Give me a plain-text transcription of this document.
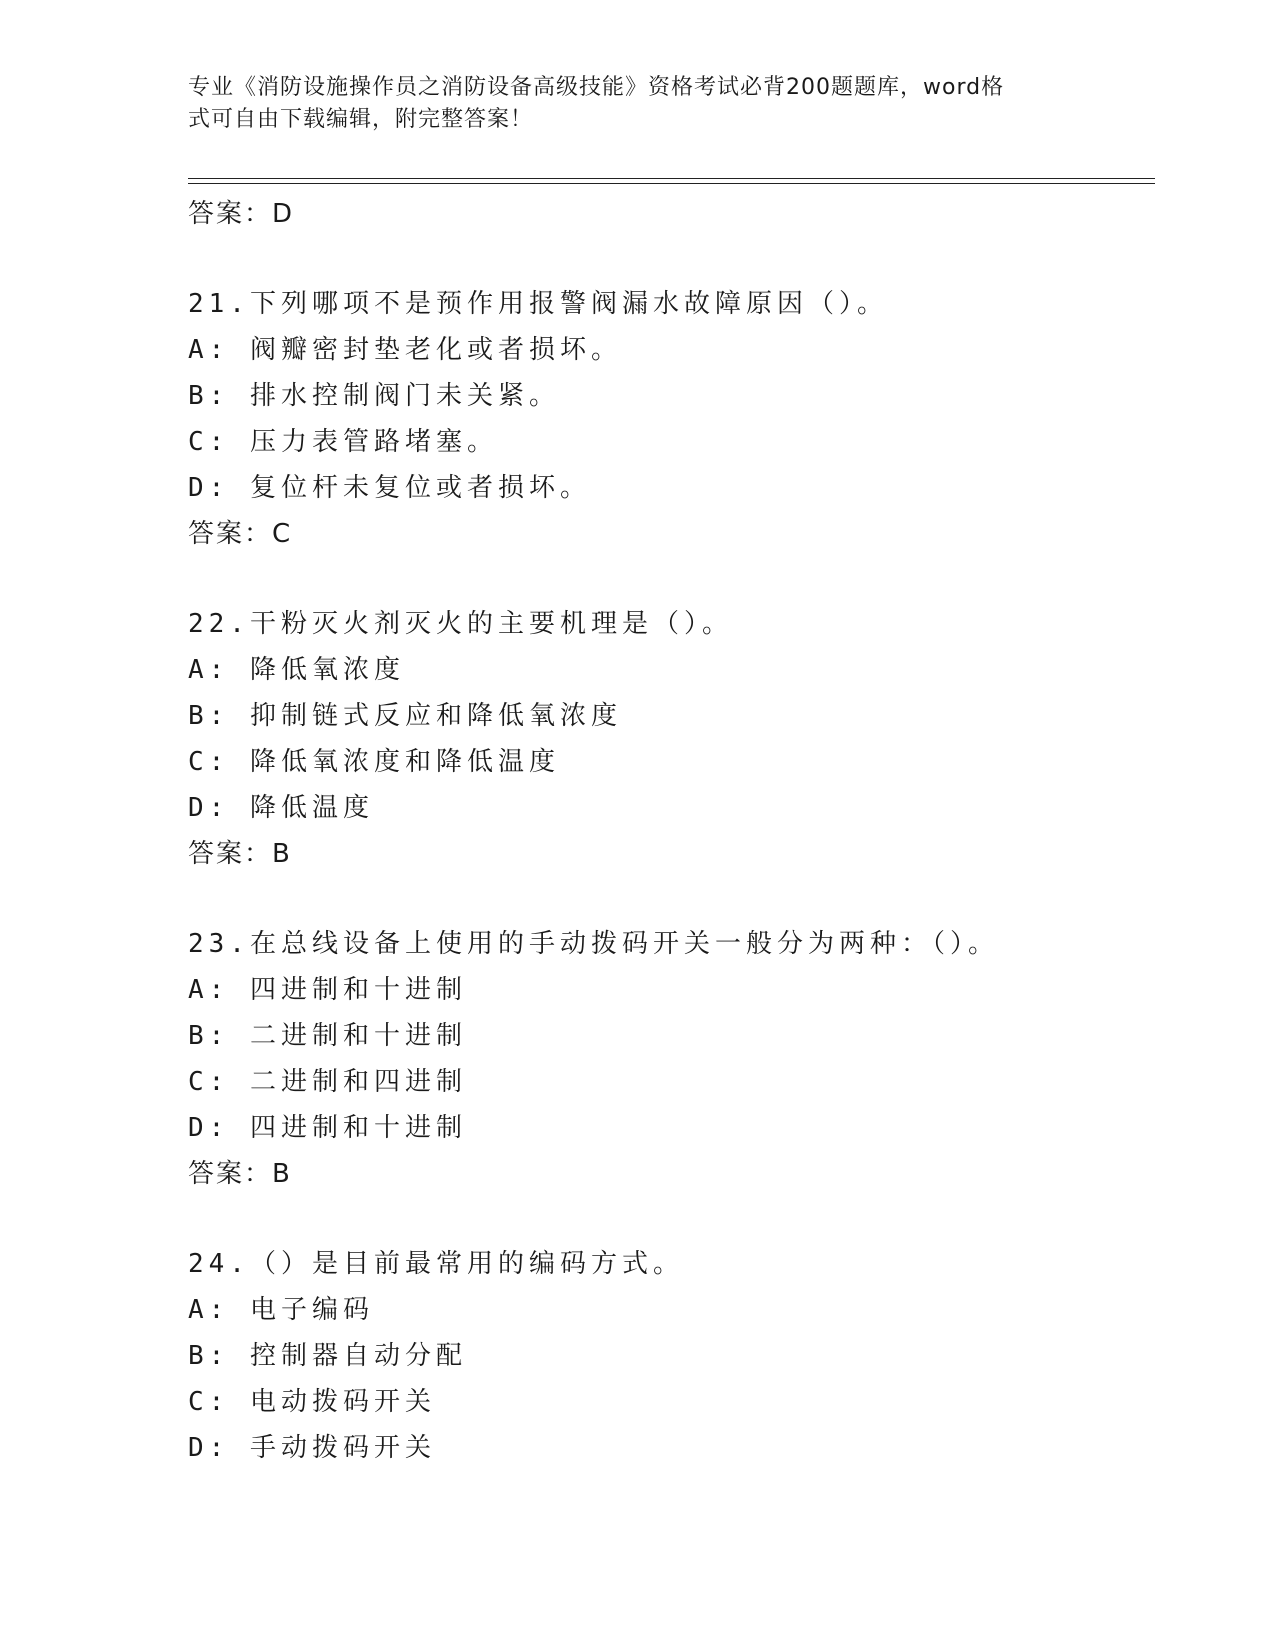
专业《消防设施操作员之消防设备高级技能》资格考试必背200题题库，word格
式可自由下载编辑，附完整答案！
答案：D
21.下列哪项不是预作用报警阀漏水故障原因（）。
A: 阀瓣密封垫老化或者损坏。
B: 排水控制阀门未关紧。
C: 压力表管路堵塞。
D: 复位杆未复位或者损坏。
答案：C
22.干粉灭火剂灭火的主要机理是（）。
A: 降低氧浓度
B: 抑制链式反应和降低氧浓度
C: 降低氧浓度和降低温度
D: 降低温度
答案：B
23.在总线设备上使用的手动拨码开关一般分为两种：（）。
A: 四进制和十进制
B: 二进制和十进制
C: 二进制和四进制
D: 四进制和十进制
答案：B
24.（）是目前最常用的编码方式。
A: 电子编码
B: 控制器自动分配
C: 电动拨码开关
D: 手动拨码开关
